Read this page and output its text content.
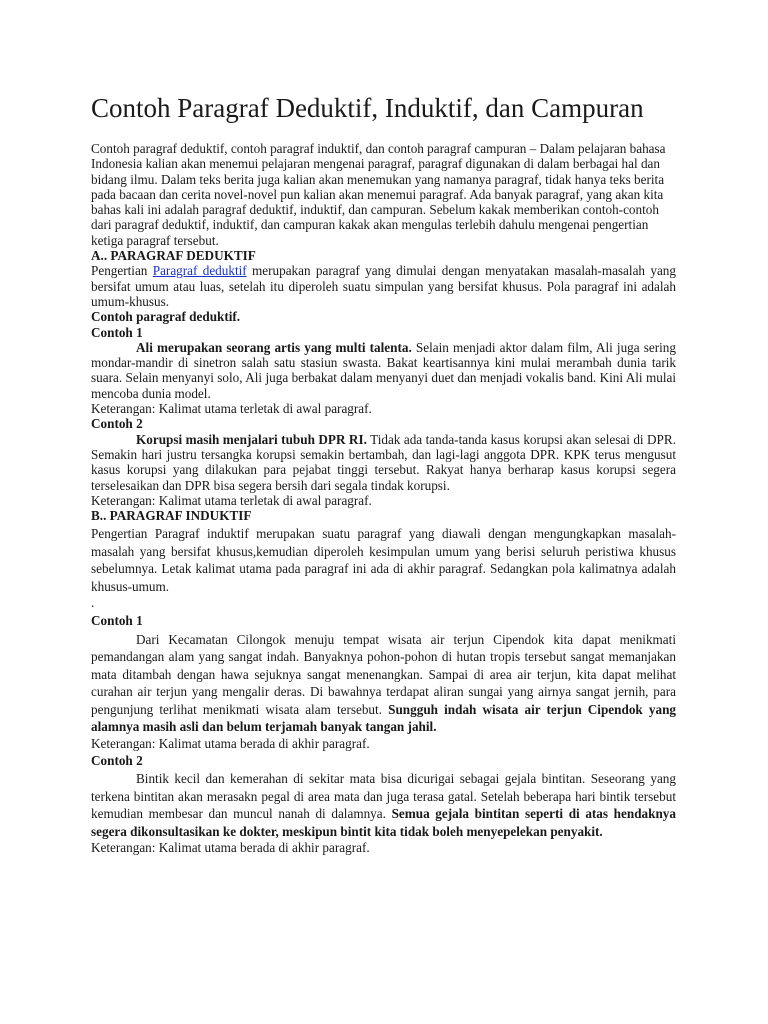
Contoh Paragraf Deduktif, Induktif, dan Campuran

Contoh paragraf deduktif, contoh paragraf induktif, dan contoh paragraf campuran – Dalam pelajaran bahasa Indonesia kalian akan menemui pelajaran mengenai paragraf, paragraf digunakan di dalam berbagai hal dan bidang ilmu. Dalam teks berita juga kalian akan menemukan yang namanya paragraf, tidak hanya teks berita pada bacaan dan cerita novel-novel pun kalian akan menemui paragraf. Ada banyak paragraf, yang akan kita bahas kali ini adalah paragraf deduktif, induktif, dan campuran. Sebelum kakak memberikan contoh-contoh dari paragraf deduktif, induktif, dan campuran kakak akan mengulas terlebih dahulu mengenai pengertian ketiga paragraf tersebut.

A.. PARAGRAF DEDUKTIF

Pengertian Paragraf deduktif merupakan paragraf yang dimulai dengan menyatakan masalah-masalah yang bersifat umum atau luas, setelah itu diperoleh suatu simpulan yang bersifat khusus. Pola paragraf ini adalah umum-khusus.

Contoh paragraf deduktif.

Contoh 1

Ali merupakan seorang artis yang multi talenta. Selain menjadi aktor dalam film, Ali juga sering mondar-mandir di sinetron salah satu stasiun swasta. Bakat keartisannya kini mulai merambah dunia tarik suara. Selain menyanyi solo, Ali juga berbakat dalam menyanyi duet dan menjadi vokalis band. Kini Ali mulai mencoba dunia model.

Keterangan: Kalimat utama terletak di awal paragraf.

Contoh 2

Korupsi masih menjalari tubuh DPR RI. Tidak ada tanda-tanda kasus korupsi akan selesai di DPR. Semakin hari justru tersangka korupsi semakin bertambah, dan lagi-lagi anggota DPR. KPK terus mengusut kasus korupsi yang dilakukan para pejabat tinggi tersebut. Rakyat hanya berharap kasus korupsi segera terselesaikan dan DPR bisa segera bersih dari segala tindak korupsi.

Keterangan: Kalimat utama terletak di awal paragraf.

B.. PARAGRAF INDUKTIF

Pengertian Paragraf induktif merupakan suatu paragraf yang diawali dengan mengungkapkan masalah-masalah yang bersifat khusus,kemudian diperoleh kesimpulan umum yang berisi seluruh peristiwa khusus sebelumnya. Letak kalimat utama pada paragraf ini ada di akhir paragraf. Sedangkan pola kalimatnya adalah khusus-umum.

.

Contoh 1

Dari Kecamatan Cilongok menuju tempat wisata air terjun Cipendok kita dapat menikmati pemandangan alam yang sangat indah. Banyaknya pohon-pohon di hutan tropis tersebut sangat memanjakan mata ditambah dengan hawa sejuknya sangat menenangkan. Sampai di area air terjun, kita dapat melihat curahan air terjun yang mengalir deras. Di bawahnya terdapat aliran sungai yang airnya sangat jernih, para pengunjung terlihat menikmati wisata alam tersebut. Sungguh indah wisata air terjun Cipendok yang alamnya masih asli dan belum terjamah banyak tangan jahil.

Keterangan: Kalimat utama berada di akhir paragraf.

Contoh 2

Bintik kecil dan kemerahan di sekitar mata bisa dicurigai sebagai gejala bintitan. Seseorang yang terkena bintitan akan merasakn pegal di area mata dan juga terasa gatal. Setelah beberapa hari bintik tersebut kemudian membesar dan muncul nanah di dalamnya. Semua gejala bintitan seperti di atas hendaknya segera dikonsultasikan ke dokter, meskipun bintit kita tidak boleh menyepelekan penyakit.

Keterangan: Kalimat utama berada di akhir paragraf.
